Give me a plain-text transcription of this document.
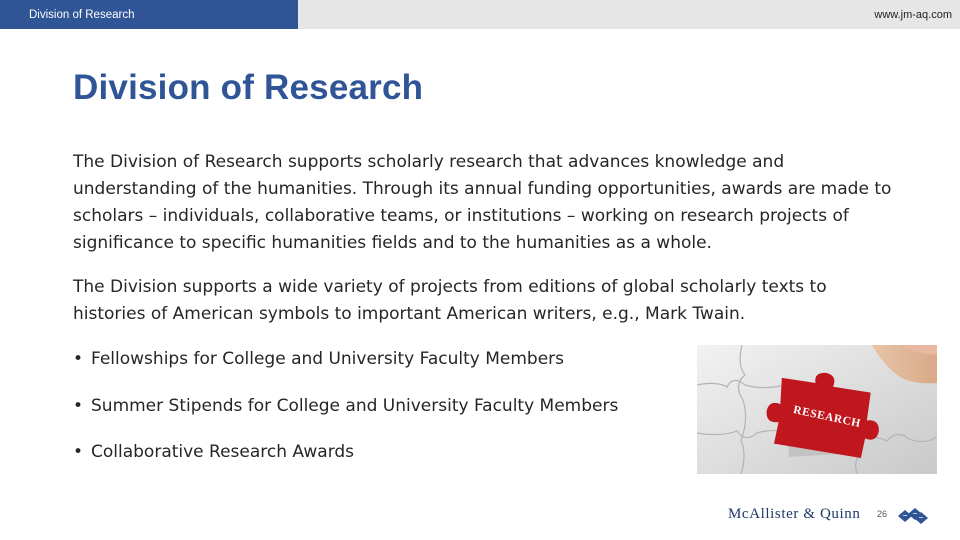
Division of Research	www.jm-aq.com
Division of Research

The Division of Research supports scholarly research that advances knowledge and understanding of the humanities. Through its annual funding opportunities, awards are made to scholars – individuals, collaborative teams, or institutions – working on research projects of significance to specific humanities fields and to the humanities as a whole.

The Division supports a wide variety of projects from editions of global scholarly texts to histories of American symbols to important American writers, e.g., Mark Twain.

• Fellowships for College and University Faculty Members
• Summer Stipends for College and University Faculty Members
• Collaborative Research Awards
RESEARCH
McAllister & Quinn 26
